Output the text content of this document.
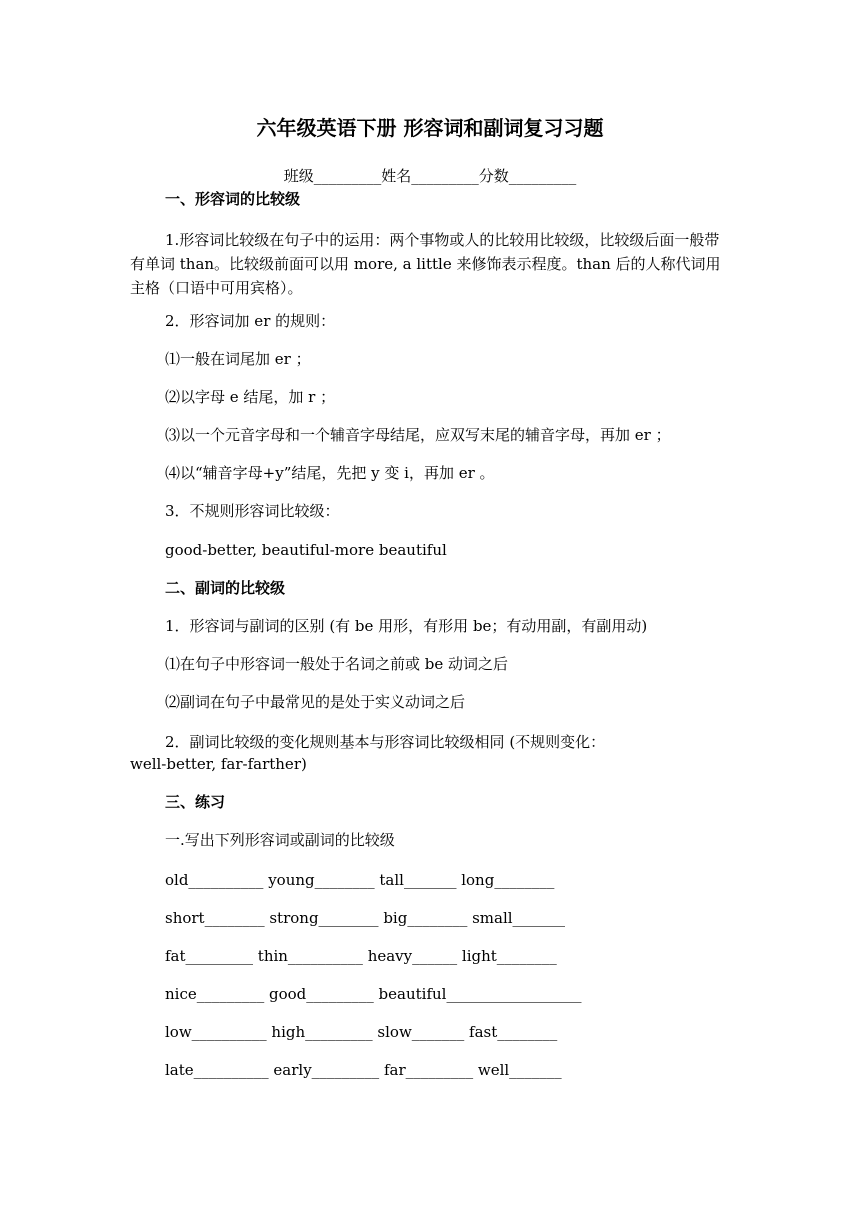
六年级英语下册 形容词和副词复习习题
班级_________姓名_________分数_________
一、形容词的比较级
1.形容词比较级在句子中的运用：两个事物或人的比较用比较级，比较级后面一般带有单词 than。比较级前面可以用 more, a little 来修饰表示程度。than 后的人称代词用主格（口语中可用宾格）。
2．形容词加 er 的规则：
⑴一般在词尾加 er ；
⑵以字母 e 结尾，加 r ；
⑶以一个元音字母和一个辅音字母结尾，应双写末尾的辅音字母，再加 er ；
⑷以“辅音字母+y”结尾，先把 y 变 i，再加 er 。
3．不规则形容词比较级：
good-better, beautiful-more beautiful
二、副词的比较级
1．形容词与副词的区别 (有 be 用形，有形用 be；有动用副，有副用动)
⑴在句子中形容词一般处于名词之前或 be 动词之后
⑵副词在句子中最常见的是处于实义动词之后
2．副词比较级的变化规则基本与形容词比较级相同 (不规则变化：
well-better, far-farther)
三、练习
一.写出下列形容词或副词的比较级
old__________ young________ tall_______ long________
short________ strong________ big________ small_______
fat_________ thin__________ heavy______ light________
nice_________ good_________ beautiful__________________
low__________ high_________ slow_______ fast________
late__________ early_________ far_________ well_______
